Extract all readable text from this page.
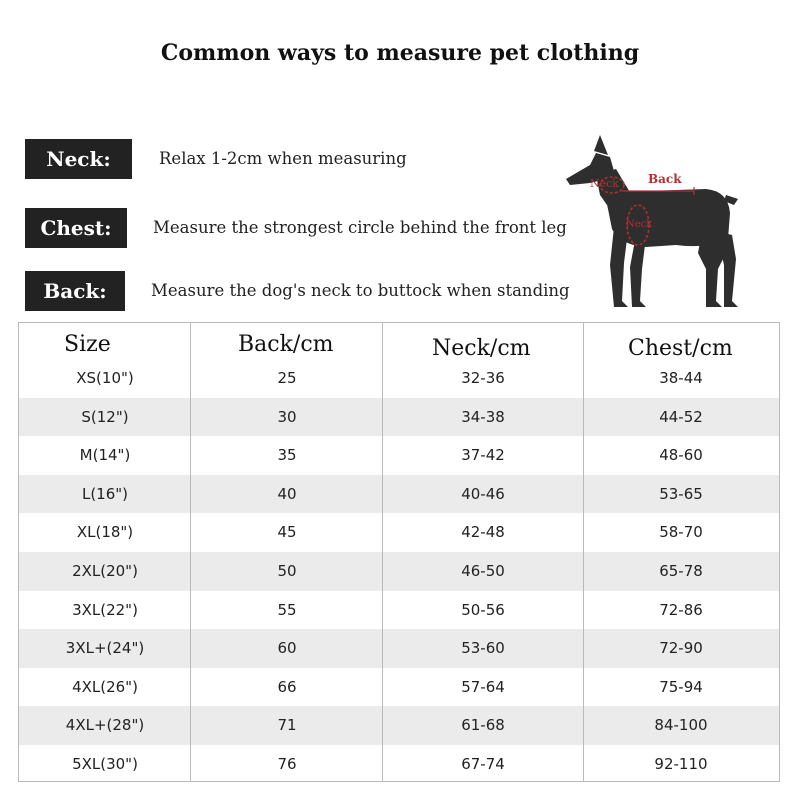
Common ways to measure pet clothing
Neck:	Relax 1-2cm when measuring
Chest:	Measure the strongest circle behind the front leg
Back:	Measure the dog's neck to buttock when standing
Neck Back
Neck
XS(10")	25	32-36	38-44
S(12")	30	34-38	44-52
M(14")	35	37-42	48-60
L(16")	40	40-46	53-65
XL(18")	45	42-48	58-70
2XL(20")	50	46-50	65-78
3XL(22")	55	50-56	72-86
3XL+(24")	60	53-60	72-90
4XL(26")	66	57-64	75-94
4XL+(28")	71	61-68	84-100
5XL(30")	76	67-74	92-110
Size	Back/cm	Neck/cm	Chest/cm
